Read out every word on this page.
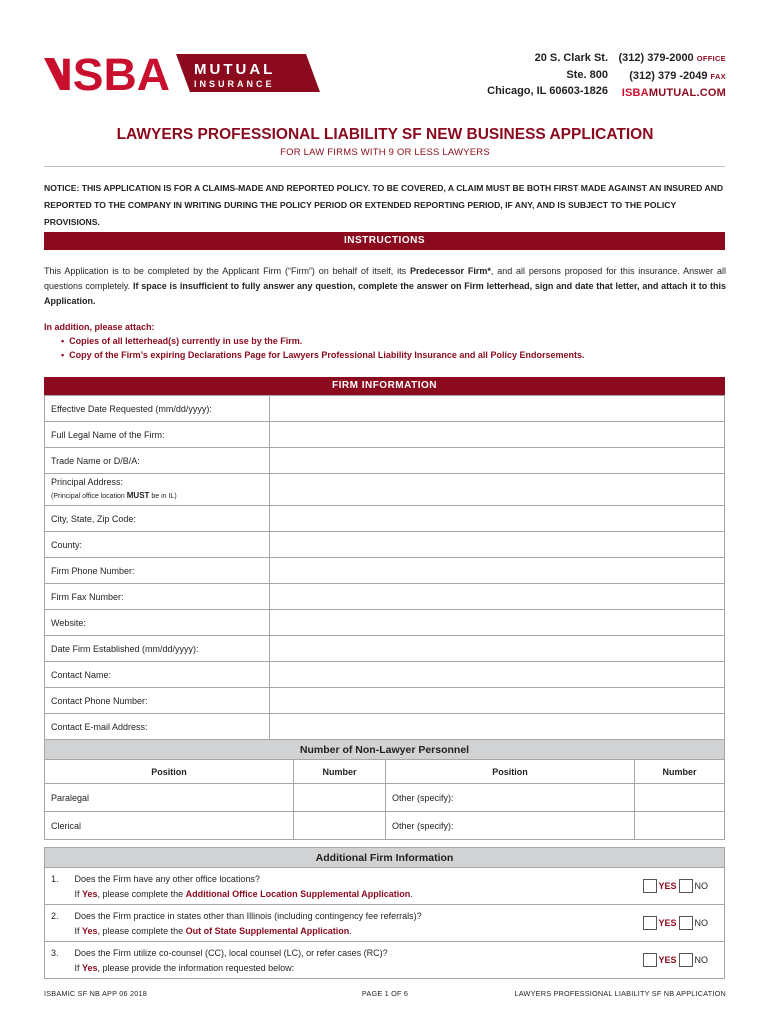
ISBA MUTUAL
INSURANCE
20 S. Clark St.
Ste. 800
Chicago, IL 60603-1826
(312) 379-2000 OFFICE
(312) 379 -2049 FAX
ISBAMUTUAL.COM
LAWYERS PROFESSIONAL LIABILITY SF NEW BUSINESS APPLICATION
FOR LAW FIRMS WITH 9 OR LESS LAWYERS
NOTICE: THIS APPLICATION IS FOR A CLAIMS-MADE AND REPORTED POLICY. TO BE COVERED, A CLAIM MUST BE BOTH FIRST MADE AGAINST AN INSURED AND REPORTED TO THE COMPANY IN WRITING DURING THE POLICY PERIOD OR EXTENDED REPORTING PERIOD, IF ANY, AND IS SUBJECT TO THE POLICY PROVISIONS.
INSTRUCTIONS
This Application is to be completed by the Applicant Firm (“Firm”) on behalf of itself, its Predecessor Firm*, and all persons proposed for this insurance. Answer all questions completely. If space is insufficient to fully answer any question, complete the answer on Firm letterhead, sign and date that letter, and attach it to this Application.
In addition, please attach:
• Copies of all letterhead(s) currently in use by the Firm.
• Copy of the Firm’s expiring Declarations Page for Lawyers Professional Liability Insurance and all Policy Endorsements.
FIRM INFORMATION
Effective Date Requested (mm/dd/yyyy):	
Full Legal Name of the Firm:	
Trade Name or D/B/A:	

Principal Address:
(Principal office location MUST be in IL)	

City, State, Zip Code:	
County:	
Firm Phone Number:	
Firm Fax Number:	
Website:	
Date Firm Established (mm/dd/yyyy):	
Contact Name:	
Contact Phone Number:	
Contact E-mail Address:	
Number of Non-Lawyer Personnel			
Position	Number	Position	Number
Paralegal		Other (specify):	
Clerical		Other (specify):	
Additional Firm Information		
1.	Does the Firm have any other office locations?
If Yes, please complete the Additional Office Location Supplemental Application.	YES NO
2.	Does the Firm practice in states other than Illinois (including contingency fee referrals)?
If Yes, please complete the Out of State Supplemental Application.	YES NO
3.	Does the Firm utilize co-counsel (CC), local counsel (LC), or refer cases (RC)?
If Yes, please provide the information requested below:	YES NO
ISBAMIC SF NB APP 06 2018	PAGE 1 OF 6	LAWYERS PROFESSIONAL LIABILITY SF NB APPLICATION
